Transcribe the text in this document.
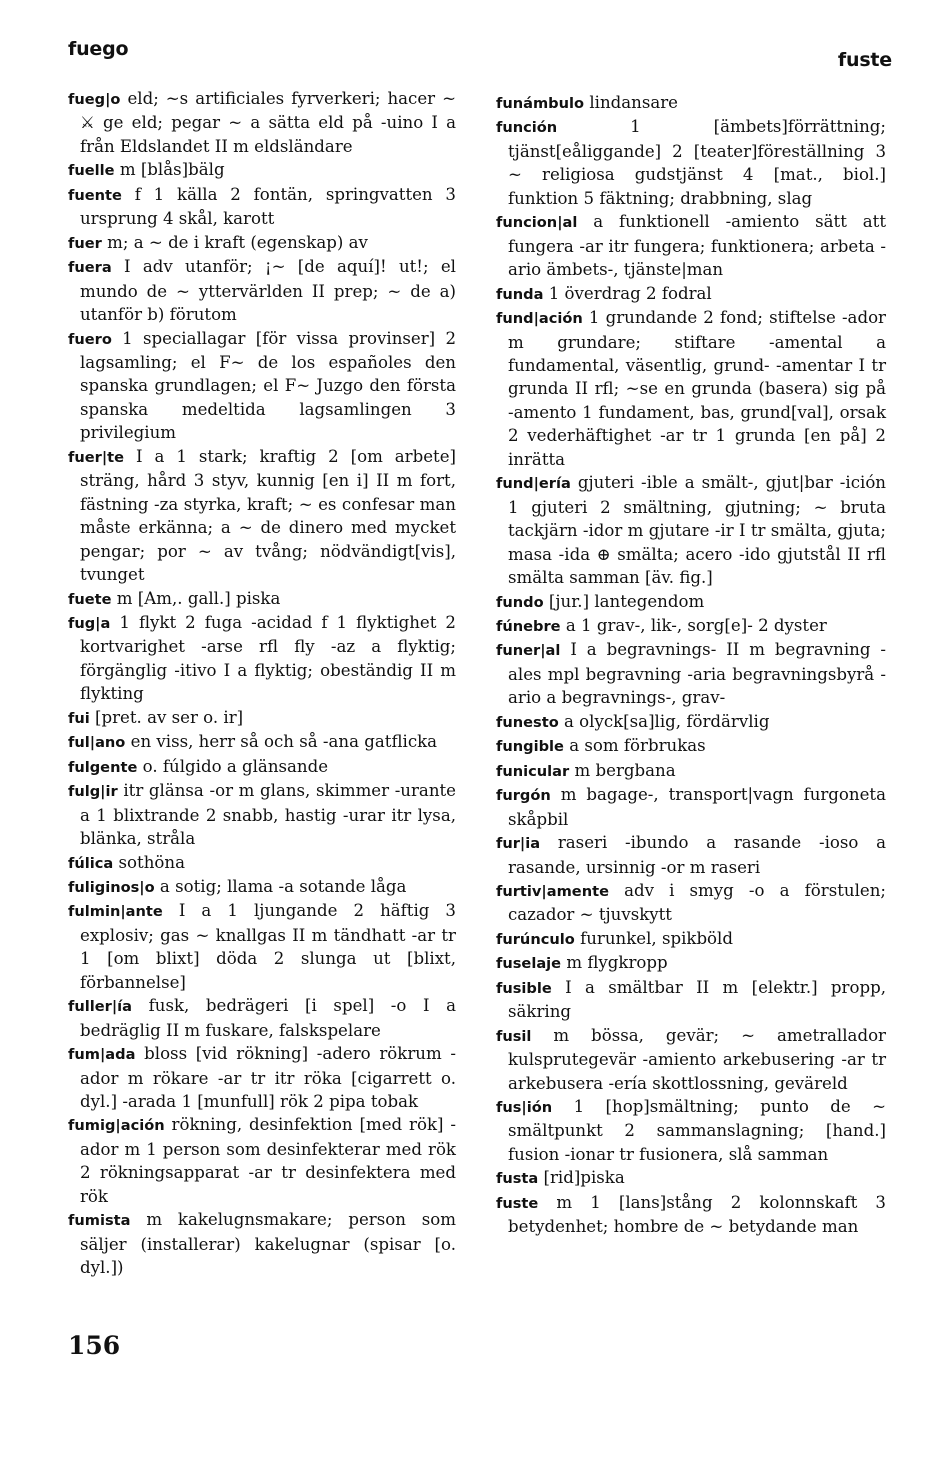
fuego	fuste

fueg|o eld; ~s artificiales fyrverkeri; hacer ~ ⚔ ge eld; pegar ~ a sätta eld på -uino I a från Eldslandet II m eldsländare

fuelle m [blås]bälg

fuente f 1 källa 2 fontän, springvatten 3 ursprung 4 skål, karott

fuer m; a ~ de i kraft (egenskap) av

fuera I adv utanför; ¡~ [de aquí]! ut!; el mundo de ~ yttervärlden II prep; ~ de a) utanför b) förutom

fuero 1 speciallagar [för vissa provinser] 2 lagsamling; el F~ de los españoles den spanska grundlagen; el F~ Juzgo den första spanska medeltida lagsamlingen 3 privilegium

fuer|te I a 1 stark; kraftig 2 [om arbete] sträng, hård 3 styv, kunnig [en i] II m fort, fästning -za styrka, kraft; ~ es confesar man måste erkänna; a ~ de dinero med mycket pengar; por ~ av tvång; nödvändigt[vis], tvunget

fuete m [Am,. gall.] piska

fug|a 1 flykt 2 fuga -acidad f 1 flyktighet 2 kortvarighet -arse rfl fly -az a flyktig; förgänglig -itivo I a flyktig; obeständig II m flykting

fui [pret. av ser o. ir]

ful|ano en viss, herr så och så -ana gatflicka

fulgente o. fúlgido a glänsande

fulg|ir itr glänsa -or m glans, skimmer -urante a 1 blixtrande 2 snabb, hastig -urar itr lysa, blänka, stråla

fúlica sothöna

fuliginos|o a sotig; llama -a sotande låga

fulmin|ante I a 1 ljungande 2 häftig 3 explosiv; gas ~ knallgas II m tändhatt -ar tr 1 [om blixt] döda 2 slunga ut [blixt, förbannelse]

fuller|ía fusk, bedrägeri [i spel] -o I a bedräglig II m fuskare, falskspelare

fum|ada bloss [vid rökning] -adero rökrum -ador m rökare -ar tr itr röka [cigarrett o. dyl.] -arada 1 [munfull] rök 2 pipa tobak

fumig|ación rökning, desinfektion [med rök] -ador m 1 person som desinfekterar med rök 2 rökningsapparat -ar tr desinfektera med rök

fumista m kakelugnsmakare; person som säljer (installerar) kakelugnar (spisar [o. dyl.])

funámbulo lindansare

función 1 [ämbets]förrättning; tjänst[eåliggande] 2 [teater]föreställning 3 ~ religiosa gudstjänst 4 [mat., biol.] funktion 5 fäktning; drabbning, slag

funcion|al a funktionell -amiento sätt att fungera -ar itr fungera; funktionera; arbeta -ario ämbets-, tjänste|man

funda 1 överdrag 2 fodral

fund|ación 1 grundande 2 fond; stiftelse -ador m grundare; stiftare -amental a fundamental, väsentlig, grund- -amentar I tr grunda II rfl; ~se en grunda (basera) sig på -amento 1 fundament, bas, grund[val], orsak 2 vederhäftighet -ar tr 1 grunda [en på] 2 inrätta

fund|ería gjuteri -ible a smält-, gjut|bar -ición 1 gjuteri 2 smältning, gjutning; ~ bruta tackjärn -idor m gjutare -ir I tr smälta, gjuta; masa -ida ⊕ smälta; acero -ido gjutstål II rfl smälta samman [äv. fig.]

fundo [jur.] lantegendom

fúnebre a 1 grav-, lik-, sorg[e]- 2 dyster

funer|al I a begravnings- II m begravning -ales mpl begravning -aria begravningsbyrå -ario a begravnings-, grav-

funesto a olyck[sa]lig, fördärvlig

fungible a som förbrukas

funicular m bergbana

furgón m bagage-, transport|vagn furgoneta skåpbil

fur|ia raseri -ibundo a rasande -ioso a rasande, ursinnig -or m raseri

furtiv|amente adv i smyg -o a förstulen; cazador ~ tjuvskytt

furúnculo furunkel, spikböld

fuselaje m flygkropp

fusible I a smältbar II m [elektr.] propp, säkring

fusil m bössa, gevär; ~ ametrallador kulsprutegevär -amiento arkebusering -ar tr arkebusera -ería skottlossning, geväreld

fus|ión 1 [hop]smältning; punto de ~ smältpunkt 2 sammanslagning; [hand.] fusion -ionar tr fusionera, slå samman

fusta [rid]piska

fuste m 1 [lans]stång 2 kolonnskaft 3 betydenhet; hombre de ~ betydande man

156
